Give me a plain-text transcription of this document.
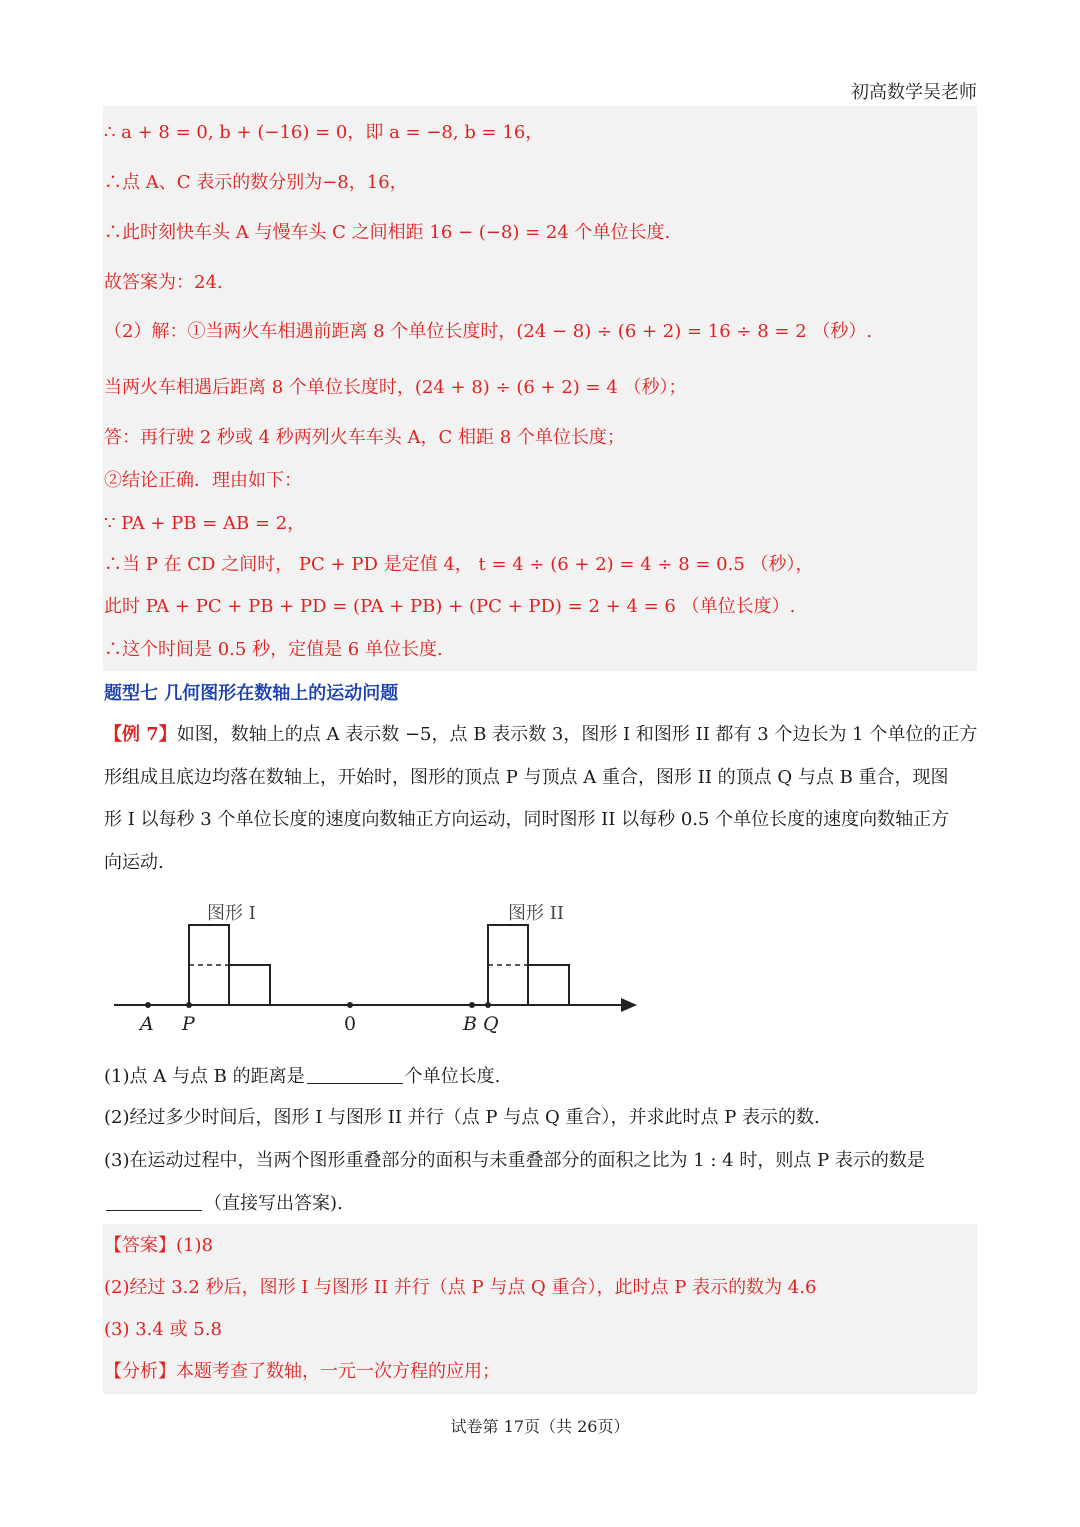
初高数学吴老师
∴ a + 8 = 0, b + (−16) = 0，即 a = −8, b = 16，
∴点 A、C 表示的数分别为−8，16，
∴此时刻快车头 A 与慢车头 C 之间相距 16 − (−8) = 24 个单位长度.
故答案为：24.
（2）解：①当两火车相遇前距离 8 个单位长度时，(24 − 8) ÷ (6 + 2) = 16 ÷ 8 = 2 （秒）.
当两火车相遇后距离 8 个单位长度时，(24 + 8) ÷ (6 + 2) = 4 （秒）；
答：再行驶 2 秒或 4 秒两列火车车头 A，C 相距 8 个单位长度；
②结论正确．理由如下：
∵ PA + PB = AB = 2，
∴当 P 在 CD 之间时， PC + PD 是定值 4， t = 4 ÷ (6 + 2) = 4 ÷ 8 = 0.5 （秒），
此时 PA + PC + PB + PD = (PA + PB) + (PC + PD) = 2 + 4 = 6 （单位长度）.
∴这个时间是 0.5 秒，定值是 6 单位长度.
题型七 几何图形在数轴上的运动问题
【例 7】如图，数轴上的点 A 表示数 −5，点 B 表示数 3，图形 I 和图形 II 都有 3 个边长为 1 个单位的正方
形组成且底边均落在数轴上，开始时，图形的顶点 P 与顶点 A 重合，图形 II 的顶点 Q 与点 B 重合，现图
形 I 以每秒 3 个单位长度的速度向数轴正方向运动，同时图形 II 以每秒 0.5 个单位长度的速度向数轴正方
向运动.
图形 I	图形 II
A P	0	B Q
(1)点 A 与点 B 的距离是	个单位长度.
(2)经过多少时间后，图形 I 与图形 II 并行（点 P 与点 Q 重合），并求此时点 P 表示的数.
(3)在运动过程中，当两个图形重叠部分的面积与未重叠部分的面积之比为 1 : 4 时，则点 P 表示的数是
（直接写出答案).
【答案】(1)8
(2)经过 3.2 秒后，图形 I 与图形 II 并行（点 P 与点 Q 重合），此时点 P 表示的数为 4.6
(3) 3.4 或 5.8
【分析】本题考查了数轴，一元一次方程的应用；
试卷第 17页（共 26页）
